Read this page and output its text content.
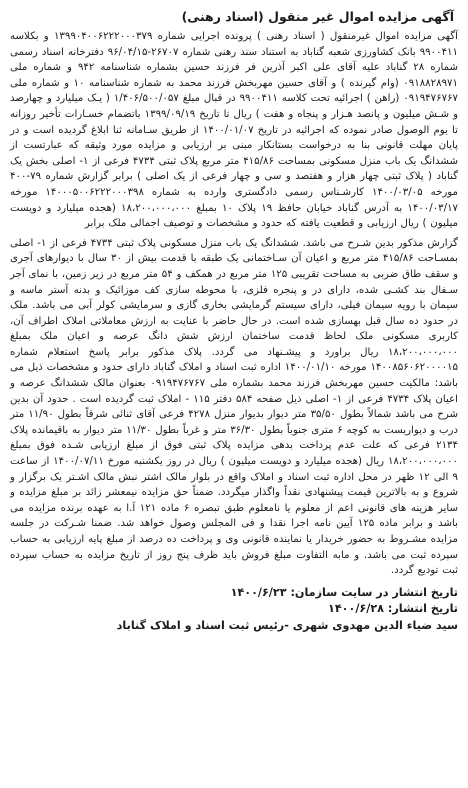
آگهی مزایده اموال غیر منقول (اسناد رهنی)

آگهی مزایده اموال غیرمنقول ( اسناد رهنی ) پرونده اجرایی شماره ۱۳۹۹۰۴۰۰۶۲۲۲۰۰۰۳۷۹ و بکلاسه ۹۹۰۰۴۱۱ بانک کشاورزی شعبه گناباد به استناد سند رهنی شماره ۲۶۷۰۷-۹۶/۰۴/۱۵ دفترخانه اسناد رسمی شماره ۲۸ گناباد علیه آقای علی اکبر آذرین فر فرزند حسین بشماره شناسنامه ۹۴۲ و شماره ملی ۰۹۱۸۸۲۸۹۷۱ (وام گیرنده ) و آقای حسین مهربخش فرزند محمد به شماره شناسنامه ۱۰ و شماره ملی ۰۹۱۹۴۷۶۷۶۷ (راهن ) اجرائیه تحت کلاسه ۹۹۰۰۴۱۱ در قبال مبلغ ۱/۴۰۶/۵۰۰/۰۵۷ ( یـک میلیارد و چهارصد و شـش میلیون و پانصد هـزار و پنجاه و هفت ) ریال تا تاریخ ۱۳۹۹/۰۹/۱۹ باتضمام خسـارات تأخیر روزانه تا یوم الوصول صادر نموده که اجرائیه در تاریخ ۱۴۰۰/۰۱/۰۷ از طریق سـامانه ثنا ابلاغ گردیده است و در پایان مهلت قانونی بنا به درخواست بستانکار مبنی بر ارزیابی و مزایده مورد وثیقه که عبارتست از ششدانگ یک باب منزل مسکونی بمساحت ۴۱۵/۸۶ متر مربع پلاک ثبتی ۴۷۳۴ فرعی از ۱- اصلی بخش یک گناباد ( پلاک ثبتی چهار هزار و هفتصد و سی و چهار فرعی از یک اصلی ) برابر گزارش شماره ۷۹-۴۰۰ مورخه ۱۴۰۰/۰۳/۰۵ کارشـناس رسمی دادگستری وارده به شماره ۱۴۰۰۰۵۰۰۶۲۲۲۰۰۰۳۹۸ مورخه ۱۴۰۰/۰۳/۱۷ به آدرس گناباد خیابان حافظ ۱۹ پلاک ۱۰ بمبلغ ۱۸،۲۰۰،۰۰۰،۰۰۰ (هجده میلیارد و دویست میلیون ) ریال ارزیابی و قطعیت یافته که حدود و مشخصات و توصیف اجمالی ملک برابر

گزارش مذکور بدین شـرح می باشد. ششدانگ یک باب منزل مسکونی پلاک ثبتی ۴۷۳۴ فرعی از ۱- اصلی بمسـاحت ۴۱۵/۸۶ متر مربع و اعیان آن سـاختمانی یک طبقه با قدمت بیش از ۳۰ سال با دیوارهای آجری و سقف طاق ضربی به مساحت تقریبی ۱۲۵ متر مربع در همکف و ۵۴ متر مربع در زیر زمین، با نمای آجر سـفال بند کشـی شده، دارای در و پنجره فلزی، با محوطه سازی کف موزائیک و بدنه آستر ماسه و سیمان با رویه سیمان فیلی، دارای سیستم گرمایشی بخاری گازی و سرمایشی کولر آبی می باشد. ملک در حدود ده سال قبل بهسازی شده است. در حال حاضر با عنایت به ارزش معاملاتی املاک اطراف آن، کاربری مسکونی ملک لحاظ قدمت ساختمان ارزش شش دانگ عرصه و اعیان ملک بمبلغ ۱۸،۲۰۰،۰۰۰،۰۰۰ ریال براورد و پیشـنهاد می گردد. پلاک مذکور برابر پاسخ استعلام شماره ۱۴۰۰۸۵۶۰۶۲۰۰۰۰۱۵ مورخه ۱۴۰۰/۰۱/۱۰ اداره ثبت اسناد و املاک گناباد دارای حدود و مشخصات ذیل می باشد: مالکیت حسین مهربخش فرزند محمد بشماره ملی ۰۹۱۹۴۷۶۷۶۷ بعنوان مالک ششدانگ عرصه و اعیان پلاک ۴۷۳۴ فرعی از ۱- اصلی ذیل صفحه ۵۸۴ دفتر ۱۱۵ - املاک ثبت گردیده است . حدود آن بدین شرح می باشد شمالاً بطول ۳۵/۵۰ متر دیوار بدیوار منزل ۴۲۷۸ فرعی آقای ثنائی شرقاً بطول ۱۱/۹۰ متر درب و دیواریست به کوچه ۶ متری جنوباً بطول ۳۶/۳۰ متر و غرباً بطول ۱۱/۳۰ متر دیوار به باقیمانده پلاک ۲۱۳۴ فرعی که علت عدم پرداخت بدهی مزایده پلاک ثبتی فوق از مبلغ ارزیابی شـده فوق بمبلغ ۱۸،۲۰۰،۰۰۰،۰۰۰ ریال (هجده میلیارد و دویست میلیون ) ریال در روز یکشنبه مورخ ۱۴۰۰/۰۷/۱۱ از ساعت ۹ الی ۱۲ ظهر در محل اداره ثبت اسناد و املاک واقع در بلوار مالک اشتر نبش مالک اشـتر یک برگزار و شروع و به بالاترین قیمت پیشنهادی نقداً واگذار میگردد. ضمناً حق مزایده نیمعشر زائد بر مبلغ مزایده و سایر هزینه های قانونی اعم از معلوم یا نامعلوم طبق تبصره ۶ ماده ۱۲۱ آ.ا به عهده برنده مزایده می باشد و برابر ماده ۱۲۵ آیین نامه اجرا نقدا و فی المجلس وصول خواهد شد. ضمنا شـرکت در جلسه مزایده مشـروط به حضور خریدار یا نماینده قانونی وی و پرداخت ده درصد از مبلغ پایه ارزیابی به حساب سپرده ثبت می باشد. و مابه التفاوت مبلغ فروش باید ظرف پنج روز از تاریخ مزایده به حساب سپرده ثبت تودیع گردد.

تاریخ انتشار در سایت سازمان: ۱۴۰۰/۶/۲۳
تاریخ انتشار: ۱۴۰۰/۶/۲۸
سید ضیاء الدین مهدوی شهری -رئیس ثبت اسناد و املاک گناباد
